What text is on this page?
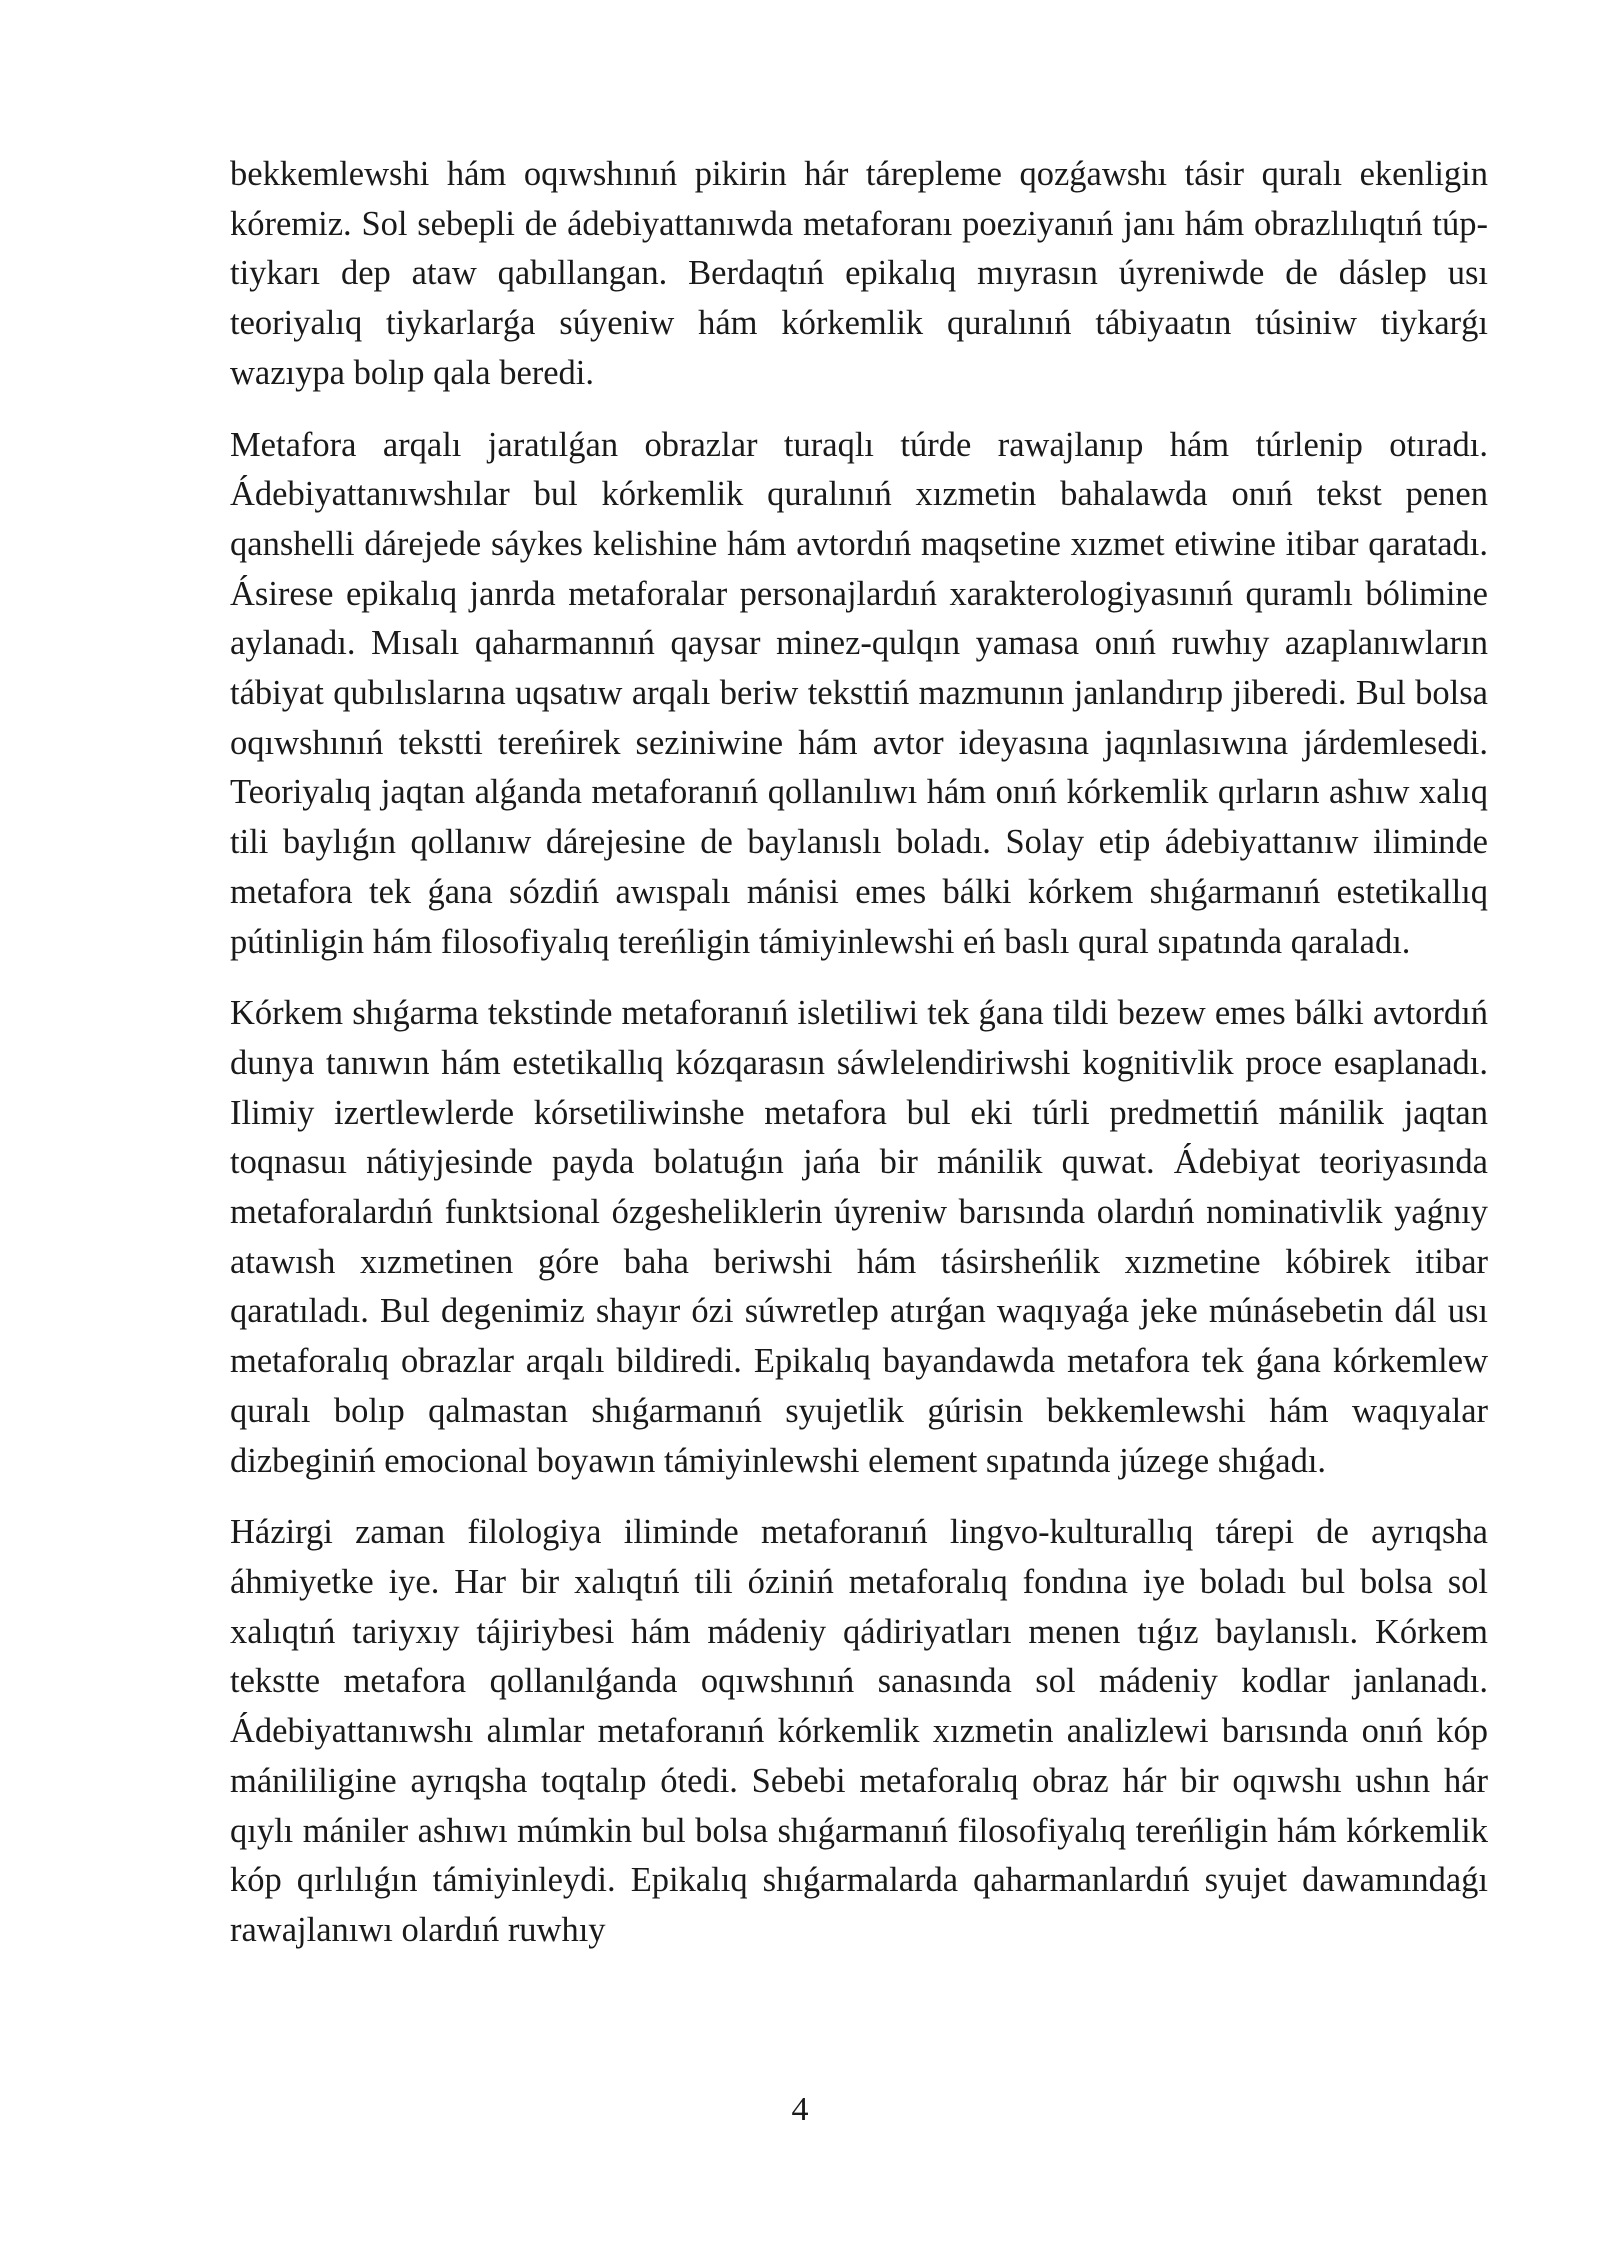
bekkemlewshi hám oqıwshınıń pikirin hár tárepleme qozǵawshı tásir quralı ekenligin kóremiz. Sol sebepli de ádebiyattanıwda metaforanı poeziyanıń janı hám obrazlılıqtıń túp-tiykarı dep ataw qabıllangan. Berdaqtıń epikalıq mıyrasın úyreniwde de dáslep usı teoriyalıq tiykarlarǵa súyeniw hám kórkemlik quralınıń tábiyaatın túsiniw tiykarǵı wazıypa bolıp qala beredi.

Metafora arqalı jaratılǵan obrazlar turaqlı túrde rawajlanıp hám túrlenip otıradı. Ádebiyattanıwshılar bul kórkemlik quralınıń xızmetin bahalawda onıń tekst penen qanshelli dárejede sáykes kelishine hám avtordıń maqsetine xızmet etiwine itibar qaratadı. Ásirese epikalıq janrda metaforalar personajlardıń xarakterologiyasınıń quramlı bólimine aylanadı. Mısalı qaharmannıń qaysar minez-qulqın yamasa onıń ruwhıy azaplanıwların tábiyat qubılıslarına uqsatıw arqalı beriw teksttiń mazmunın janlandırıp jiberedi. Bul bolsa oqıwshınıń tekstti tereńirek seziniwine hám avtor ideyasına jaqınlasıwına járdemlesedi. Teoriyalıq jaqtan alǵanda metaforanıń qollanılıwı hám onıń kórkemlik qırların ashıw xalıq tili baylıǵın qollanıw dárejesine de baylanıslı boladı. Solay etip ádebiyattanıw iliminde metafora tek ǵana sózdiń awıspalı mánisi emes bálki kórkem shıǵarmanıń estetikallıq pútinligin hám filosofiyalıq tereńligin támiyinlewshi eń baslı qural sıpatında qaraladı.

Kórkem shıǵarma tekstinde metaforanıń isletiliwi tek ǵana tildi bezew emes bálki avtordıń dunya tanıwın hám estetikallıq kózqarasın sáwlelendiriwshi kognitivlik proce esaplanadı. Ilimiy izertlewlerde kórsetiliwinshe metafora bul eki túrli predmettiń mánilik jaqtan toqnasuı nátiyjesinde payda bolatuǵın jańa bir mánilik quwat. Ádebiyat teoriyasında metaforalardıń funktsional ózgesheliklerin úyreniw barısında olardıń nominativlik yaǵnıy atawısh xızmetinen góre baha beriwshi hám tásirsheńlik xızmetine kóbirek itibar qaratıladı. Bul degenimiz shayır ózi súwretlep atırǵan waqıyaǵa jeke múnásebetin dál usı metaforalıq obrazlar arqalı bildiredi. Epikalıq bayandawda metafora tek ǵana kórkemlew quralı bolıp qalmastan shıǵarmanıń syujetlik gúrisin bekkemlewshi hám waqıyalar dizbeginiń emocional boyawın támiyinlewshi element sıpatında júzege shıǵadı.

Házirgi zaman filologiya iliminde metaforanıń lingvo-kulturallıq tárepi de ayrıqsha áhmiyetke iye. Har bir xalıqtıń tili óziniń metaforalıq fondına iye boladı bul bolsa sol xalıqtıń tariyxıy tájiriybesi hám mádeniy qádiriyatları menen tıǵız baylanıslı. Kórkem tekstte metafora qollanılǵanda oqıwshınıń sanasında sol mádeniy kodlar janlanadı. Ádebiyattanıwshı alımlar metaforanıń kórkemlik xızmetin analizlewi barısında onıń kóp mánililigine ayrıqsha toqtalıp ótedi. Sebebi metaforalıq obraz hár bir oqıwshı ushın hár qıylı mániler ashıwı múmkin bul bolsa shıǵarmanıń filosofiyalıq tereńligin hám kórkemlik kóp qırlılıǵın támiyinleydi. Epikalıq shıǵarmalarda qaharmanlardıń syujet dawamındaǵı rawajlanıwı olardıń ruwhıy

4
